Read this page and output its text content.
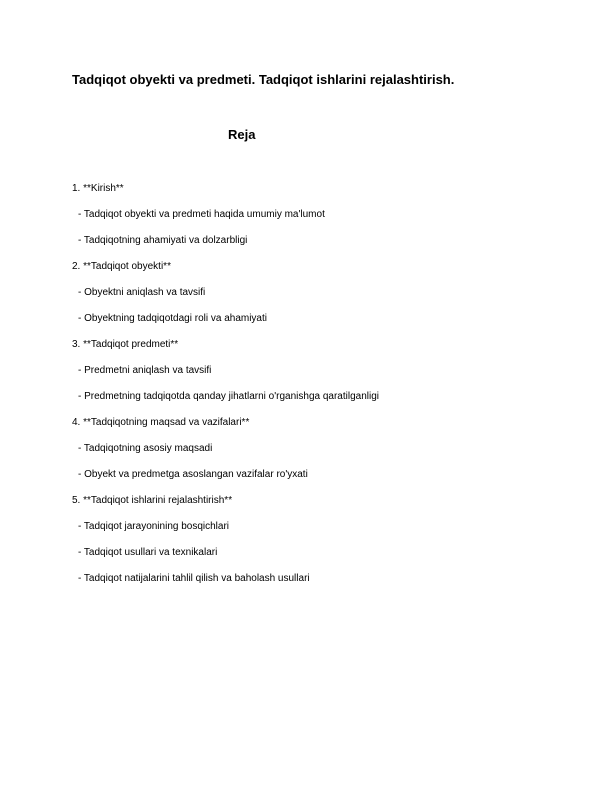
Tadqiqot obyekti va predmeti. Tadqiqot ishlarini rejalashtirish.
Reja
1. **Kirish**
- Tadqiqot obyekti va predmeti haqida umumiy ma'lumot
- Tadqiqotning ahamiyati va dolzarbligi
2. **Tadqiqot obyekti**
- Obyektni aniqlash va tavsifi
- Obyektning tadqiqotdagi roli va ahamiyati
3. **Tadqiqot predmeti**
- Predmetni aniqlash va tavsifi
- Predmetning tadqiqotda qanday jihatlarni o'rganishga qaratilganligi
4. **Tadqiqotning maqsad va vazifalari**
- Tadqiqotning asosiy maqsadi
- Obyekt va predmetga asoslangan vazifalar ro'yxati
5. **Tadqiqot ishlarini rejalashtirish**
- Tadqiqot jarayonining bosqichlari
- Tadqiqot usullari va texnikalari
- Tadqiqot natijalarini tahlil qilish va baholash usullari
